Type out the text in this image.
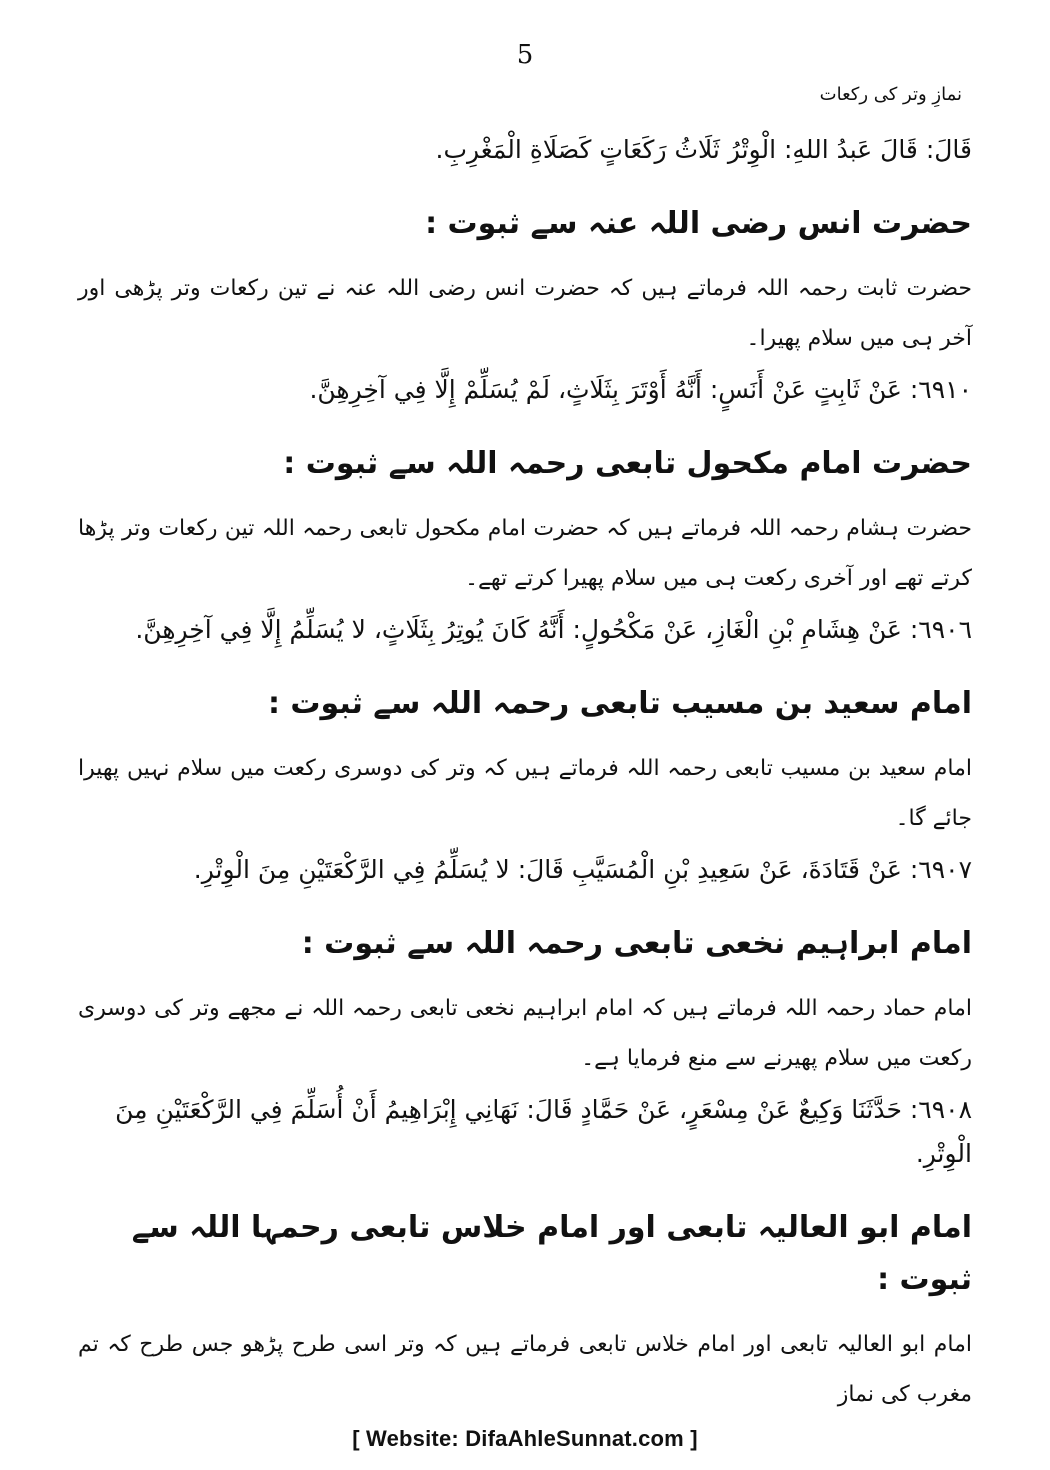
5
نمازِ وتر کی رکعات

قَالَ: قَالَ عَبدُ اللهِ: الْوِتْرُ ثَلَاثُ رَكَعَاتٍ كَصَلَاةِ الْمَغْرِبِ.

حضرت انس رضی اللہ عنہ سے ثبوت :

حضرت ثابت رحمہ اللہ فرماتے ہیں کہ حضرت انس رضی اللہ عنہ نے تین رکعات وتر پڑھی اور آخر ہی میں سلام پھیرا۔

٦٩١٠: عَنْ ثَابِتٍ عَنْ أَنَسٍ: أَنَّهُ أَوْتَرَ بِثَلَاثٍ، لَمْ يُسَلِّمْ إِلَّا فِي آخِرِهِنَّ.

حضرت امام مکحول تابعی رحمہ اللہ سے ثبوت :

حضرت ہشام رحمہ اللہ فرماتے ہیں کہ حضرت امام مکحول تابعی رحمہ اللہ تین رکعات وتر پڑھا کرتے تھے اور آخری رکعت ہی میں سلام پھیرا کرتے تھے۔

٦٩٠٦: عَنْ هِشَامِ بْنِ الْغَازِ، عَنْ مَكْحُولٍ: أَنَّهُ كَانَ يُوتِرُ بِثَلَاثٍ، لا يُسَلِّمُ إِلَّا فِي آخِرِهِنَّ.

امام سعید بن مسیب تابعی رحمہ اللہ سے ثبوت :

امام سعید بن مسیب تابعی رحمہ اللہ فرماتے ہیں کہ وتر کی دوسری رکعت میں سلام نہیں پھیرا جائے گا۔

٦٩٠٧: عَنْ قَتَادَةَ، عَنْ سَعِيدِ بْنِ الْمُسَيَّبِ قَالَ: لا يُسَلِّمُ فِي الرَّكْعَتَيْنِ مِنَ الْوِتْرِ.

امام ابراہیم نخعی تابعی رحمہ اللہ سے ثبوت :

امام حماد رحمہ اللہ فرماتے ہیں کہ امام ابراہیم نخعی تابعی رحمہ اللہ نے مجھے وتر کی دوسری رکعت میں سلام پھیرنے سے منع فرمایا ہے۔

٦٩٠٨: حَدَّثَنَا وَكِيعٌ عَنْ مِسْعَرٍ، عَنْ حَمَّادٍ قَالَ: نَهَانِي إِبْرَاهِيمُ أَنْ أُسَلِّمَ فِي الرَّكْعَتَيْنِ مِنَ الْوِتْرِ.

امام ابو العالیہ تابعی اور امام خلاس تابعی رحمہا اللہ سے ثبوت :

امام ابو العالیہ تابعی اور امام خلاس تابعی فرماتے ہیں کہ وتر اسی طرح پڑھو جس طرح کہ تم مغرب کی نماز

[ Website: DifaAhleSunnat.com ]
